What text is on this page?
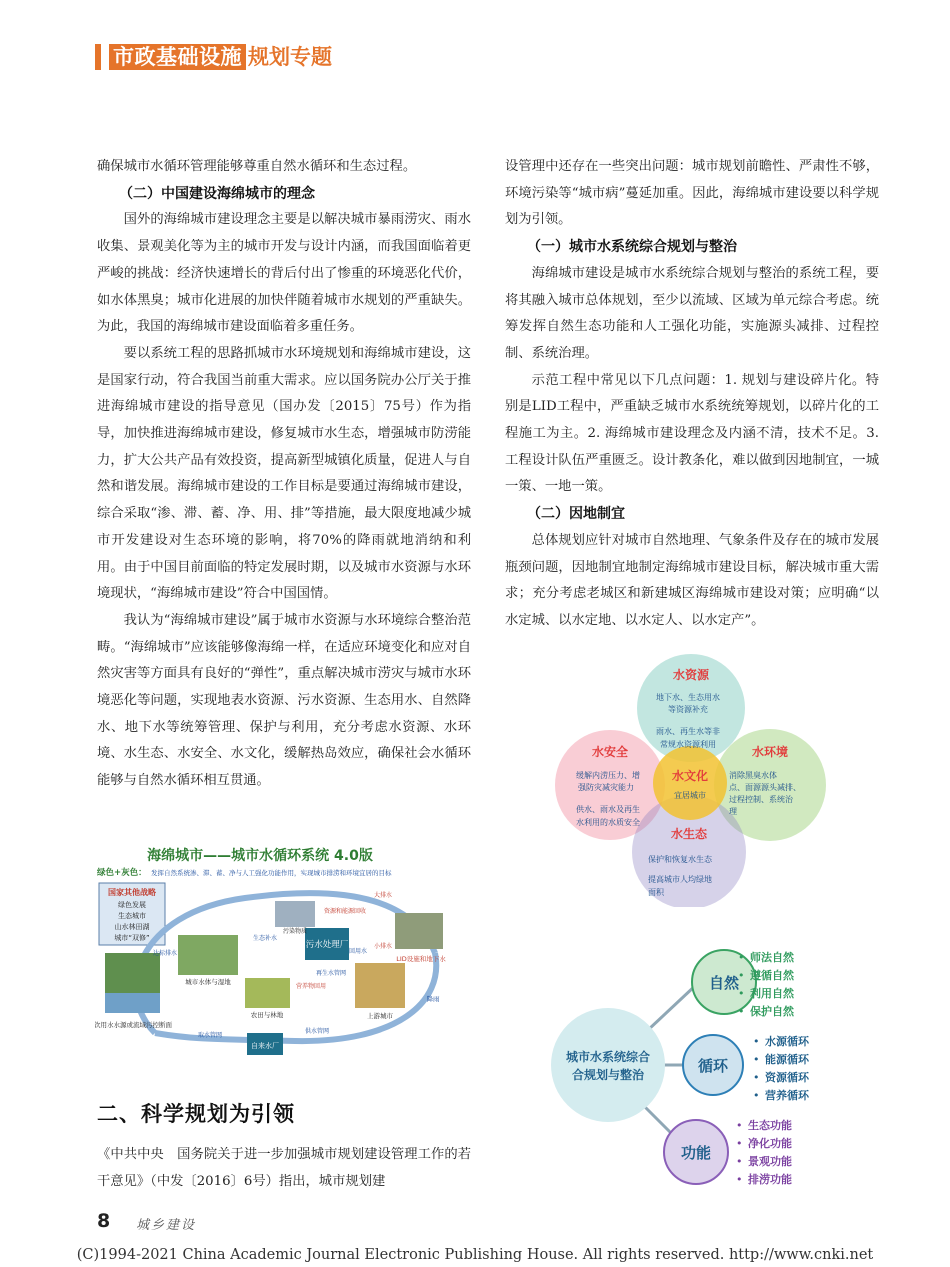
市政基础设施 规划专题

确保城市水循环管理能够尊重自然水循环和生态过程。

（二）中国建设海绵城市的理念

国外的海绵城市建设理念主要是以解决城市暴雨涝灾、雨水收集、景观美化等为主的城市开发与设计内涵，而我国面临着更严峻的挑战：经济快速增长的背后付出了惨重的环境恶化代价，如水体黑臭；城市化进展的加快伴随着城市水规划的严重缺失。为此，我国的海绵城市建设面临着多重任务。

要以系统工程的思路抓城市水环境规划和海绵城市建设，这是国家行动，符合我国当前重大需求。应以国务院办公厅关于推进海绵城市建设的指导意见（国办发〔2015〕75号）作为指导，加快推进海绵城市建设，修复城市水生态，增强城市防涝能力，扩大公共产品有效投资，提高新型城镇化质量，促进人与自然和谐发展。海绵城市建设的工作目标是要通过海绵城市建设，综合采取“渗、滞、蓄、净、用、排”等措施，最大限度地减少城市开发建设对生态环境的影响，将70%的降雨就地消纳和利用。由于中国目前面临的特定发展时期，以及城市水资源与水环境现状，“海绵城市建设”符合中国国情。

我认为“海绵城市建设”属于城市水资源与水环境综合整治范畴。“海绵城市”应该能够像海绵一样，在适应环境变化和应对自然灾害等方面具有良好的“弹性”，重点解决城市涝灾与城市水环境恶化等问题，实现地表水资源、污水资源、生态用水、自然降水、地下水等统筹管理、保护与利用，充分考虑水资源、水环境、水生态、水安全、水文化，缓解热岛效应，确保社会水循环能够与自然水循环相互贯通。

海绵城市——城市水循环系统 4.0版
绿色+灰色： 发挥自然系统渗、滞、蓄、净与人工强化功能作用，实现城市排涝和环境宜居的目标
国家其他战略
绿色发展
生态城市
山水林田湖
城市“双修”
污水处理厂
自来水厂
城市水体与湿地
农田与林地	上游城市
LID设施和地下水
饮用水水源或流域污控断面
降雨
污染物质
生态补水
达标排水
供水管网
取水管网
回用水
再生水管网
资源和能源回收
营养物回用
大排水
小排水
二、科学规划为引领

《中共中央　国务院关于进一步加强城市规划建设管理工作的若干意见》（中发〔2016〕6号）指出，城市规划建

设管理中还存在一些突出问题：城市规划前瞻性、严肃性不够，环境污染等“城市病”蔓延加重。因此，海绵城市建设要以科学规划为引领。

（一）城市水系统综合规划与整治

海绵城市建设是城市水系统综合规划与整治的系统工程，要将其融入城市总体规划，至少以流域、区域为单元综合考虑。统筹发挥自然生态功能和人工强化功能，实施源头减排、过程控制、系统治理。

示范工程中常见以下几点问题：1. 规划与建设碎片化。特别是LID工程中，严重缺乏城市水系统统筹规划，以碎片化的工程施工为主。2. 海绵城市建设理念及内涵不清，技术不足。3. 工程设计队伍严重匮乏。设计教条化，难以做到因地制宜，一城一策、一地一策。

（二）因地制宜

总体规划应针对城市自然地理、气象条件及存在的城市发展瓶颈问题，因地制宜地制定海绵城市建设目标，解决城市重大需求；充分考虑老城区和新建城区海绵城市建设对策；应明确“以水定城、以水定地、以水定人、以水定产”。

水资源
地下水、生态用水
等资源补充
雨水、再生水等非
常规水资源利用
水安全
缓解内涝压力、增
强防灾减灾能力
供水、雨水及再生
水利用的水质安全
水环境
消除黑臭水体
点、面源源头减排、
过程控制、系统治
理
水文化
宜居城市
水生态
保护和恢复水生态
提高城市人均绿地
面积
城市水系统综合
合规划与整治
自然
• 师法自然
• 遵循自然
• 利用自然
• 保护自然
循环
• 水源循环
• 能源循环
• 资源循环
• 营养循环
功能
• 生态功能
• 净化功能
• 景观功能
• 排涝功能
8 城乡建设
(C)1994-2021 China Academic Journal Electronic Publishing House. All rights reserved. http://www.cnki.net
